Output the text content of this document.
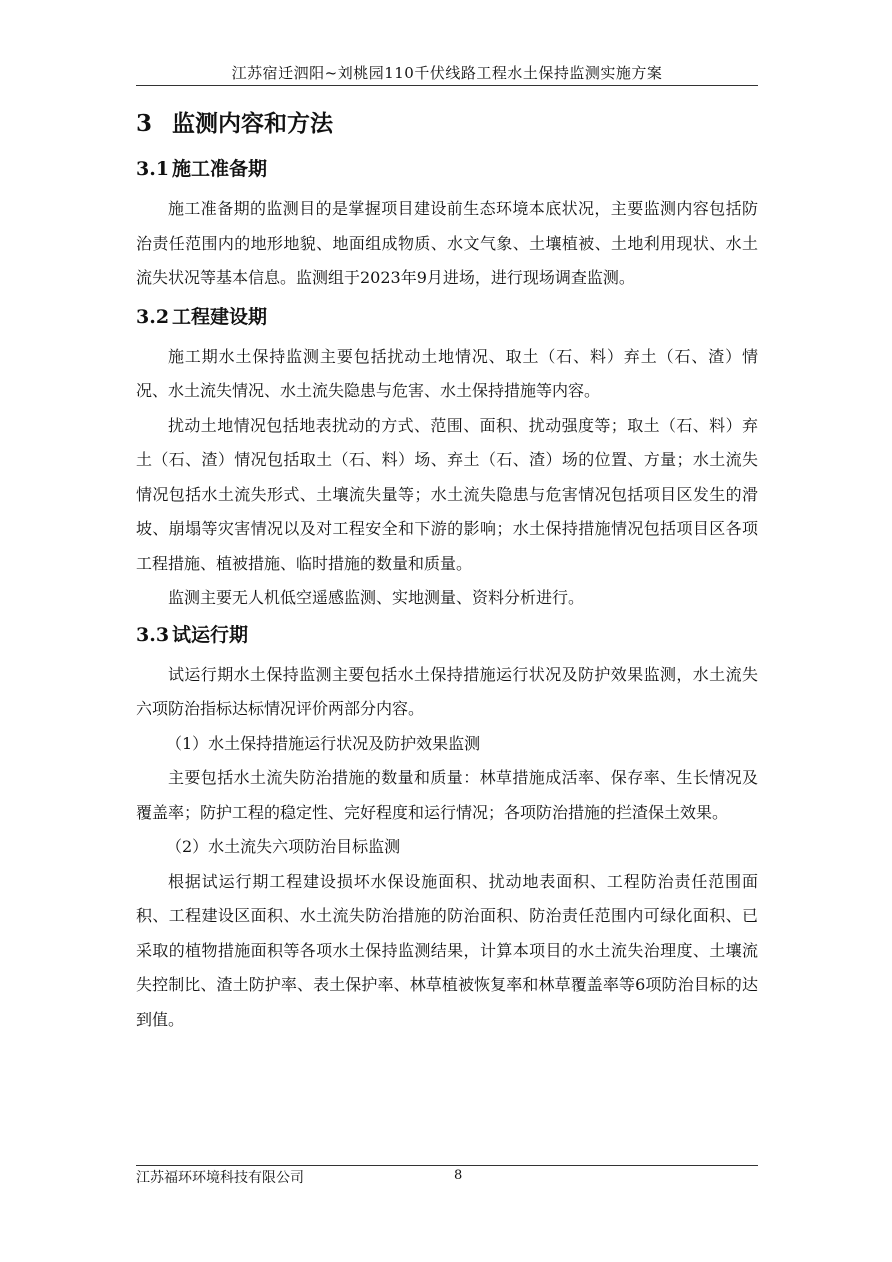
江苏宿迁泗阳~刘桃园110千伏线路工程水土保持监测实施方案
3 监测内容和方法
3.1 施工准备期

施工准备期的监测目的是掌握项目建设前生态环境本底状况，主要监测内容包括防治责任范围内的地形地貌、地面组成物质、水文气象、土壤植被、土地利用现状、水土流失状况等基本信息。监测组于2023年9月进场，进行现场调查监测。

3.2 工程建设期

施工期水土保持监测主要包括扰动土地情况、取土（石、料）弃土（石、渣）情况、水土流失情况、水土流失隐患与危害、水土保持措施等内容。

扰动土地情况包括地表扰动的方式、范围、面积、扰动强度等；取土（石、料）弃土（石、渣）情况包括取土（石、料）场、弃土（石、渣）场的位置、方量；水土流失情况包括水土流失形式、土壤流失量等；水土流失隐患与危害情况包括项目区发生的滑坡、崩塌等灾害情况以及对工程安全和下游的影响；水土保持措施情况包括项目区各项工程措施、植被措施、临时措施的数量和质量。

监测主要无人机低空遥感监测、实地测量、资料分析进行。

3.3 试运行期

试运行期水土保持监测主要包括水土保持措施运行状况及防护效果监测，水土流失六项防治指标达标情况评价两部分内容。

（1）水土保持措施运行状况及防护效果监测

主要包括水土流失防治措施的数量和质量：林草措施成活率、保存率、生长情况及覆盖率；防护工程的稳定性、完好程度和运行情况；各项防治措施的拦渣保土效果。

（2）水土流失六项防治目标监测

根据试运行期工程建设损坏水保设施面积、扰动地表面积、工程防治责任范围面积、工程建设区面积、水土流失防治措施的防治面积、防治责任范围内可绿化面积、已采取的植物措施面积等各项水土保持监测结果，计算本项目的水土流失治理度、土壤流失控制比、渣土防护率、表土保护率、林草植被恢复率和林草覆盖率等6项防治目标的达到值。

江苏福环环境科技有限公司	8
